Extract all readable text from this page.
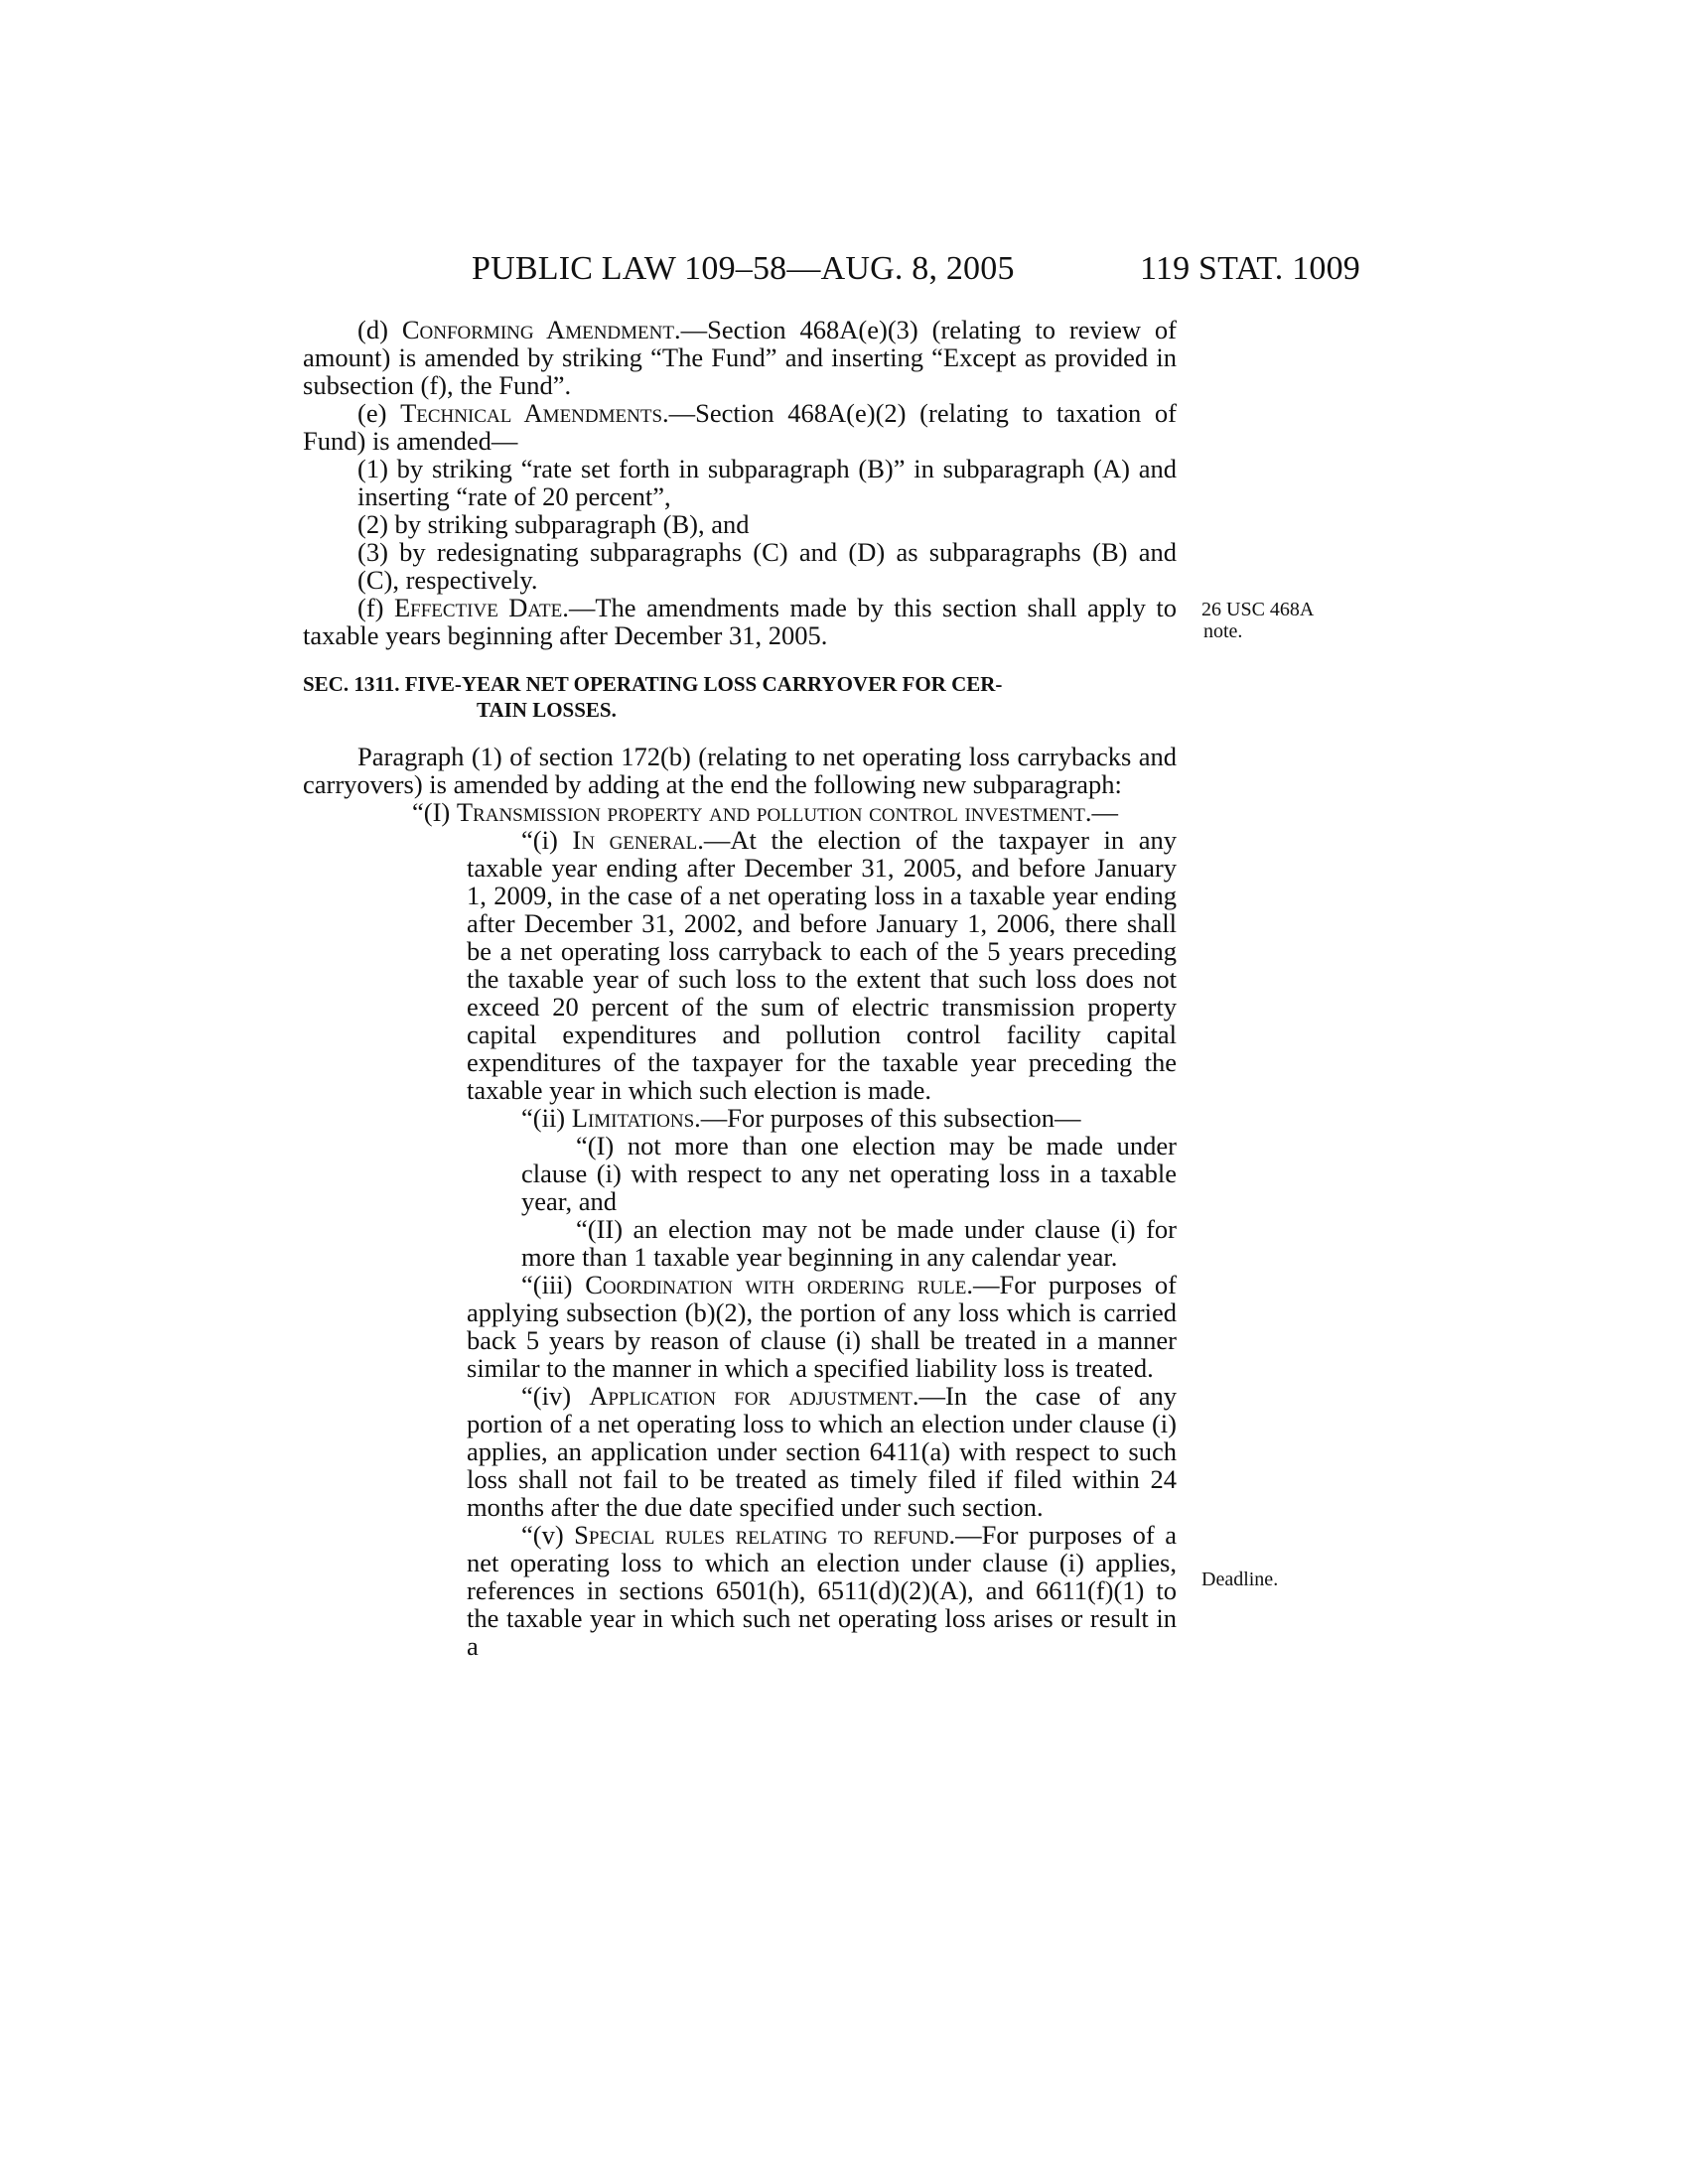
PUBLIC LAW 109–58—AUG. 8, 2005	119 STAT. 1009
26 USC 468A
note.
Deadline.

(d) Conforming Amendment.—Section 468A(e)(3) (relating to review of amount) is amended by striking “The Fund” and inserting “Except as provided in subsection (f), the Fund”.

(e) Technical Amendments.—Section 468A(e)(2) (relating to taxation of Fund) is amended—

(1) by striking “rate set forth in subparagraph (B)” in subparagraph (A) and inserting “rate of 20 percent”,

(2) by striking subparagraph (B), and

(3) by redesignating subparagraphs (C) and (D) as subparagraphs (B) and (C), respectively.

(f) Effective Date.—The amendments made by this section shall apply to taxable years beginning after December 31, 2005.

SEC. 1311. FIVE-YEAR NET OPERATING LOSS CARRYOVER FOR CER-
TAIN LOSSES.

Paragraph (1) of section 172(b) (relating to net operating loss carrybacks and carryovers) is amended by adding at the end the following new subparagraph:

“(I) Transmission property and pollution control investment.—

“(i) In general.—At the election of the taxpayer in any taxable year ending after December 31, 2005, and before January 1, 2009, in the case of a net operating loss in a taxable year ending after December 31, 2002, and before January 1, 2006, there shall be a net operating loss carryback to each of the 5 years preceding the taxable year of such loss to the extent that such loss does not exceed 20 percent of the sum of electric transmission property capital expenditures and pollution control facility capital expenditures of the taxpayer for the taxable year preceding the taxable year in which such election is made.

“(ii) Limitations.—For purposes of this subsection—

“(I) not more than one election may be made under clause (i) with respect to any net operating loss in a taxable year, and

“(II) an election may not be made under clause (i) for more than 1 taxable year beginning in any calendar year.

“(iii) Coordination with ordering rule.—For purposes of applying subsection (b)(2), the portion of any loss which is carried back 5 years by reason of clause (i) shall be treated in a manner similar to the manner in which a specified liability loss is treated.

“(iv) Application for adjustment.—In the case of any portion of a net operating loss to which an election under clause (i) applies, an application under section 6411(a) with respect to such loss shall not fail to be treated as timely filed if filed within 24 months after the due date specified under such section.

“(v) Special rules relating to refund.—For purposes of a net operating loss to which an election under clause (i) applies, references in sections 6501(h), 6511(d)(2)(A), and 6611(f)(1) to the taxable year in which such net operating loss arises or result in a
